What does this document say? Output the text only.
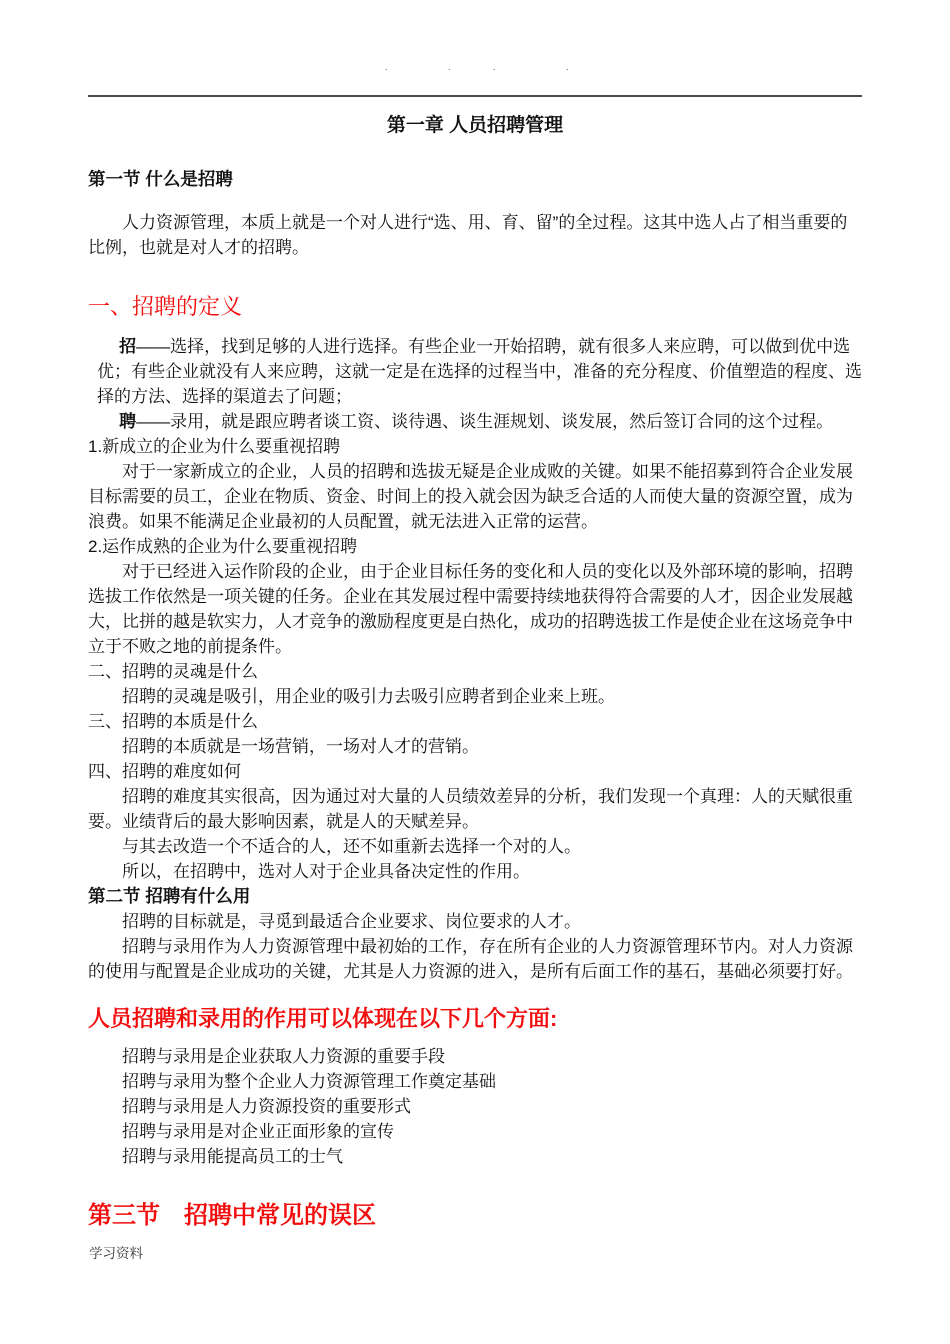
.	.	.	.
第一章 人员招聘管理
第一节 什么是招聘

人力资源管理，本质上就是一个对人进行“选、用、育、留”的全过程。这其中选人占了相当重要的比例，也就是对人才的招聘。

一、招聘的定义

招——选择，找到足够的人进行选择。有些企业一开始招聘，就有很多人来应聘，可以做到优中选优；有些企业就没有人来应聘，这就一定是在选择的过程当中，准备的充分程度、价值塑造的程度、选择的方法、选择的渠道去了问题；

聘——录用，就是跟应聘者谈工资、谈待遇、谈生涯规划、谈发展，然后签订合同的这个过程。

1.新成立的企业为什么要重视招聘

对于一家新成立的企业，人员的招聘和选拔无疑是企业成败的关键。如果不能招募到符合企业发展目标需要的员工，企业在物质、资金、时间上的投入就会因为缺乏合适的人而使大量的资源空置，成为浪费。如果不能满足企业最初的人员配置，就无法进入正常的运营。

2.运作成熟的企业为什么要重视招聘

对于已经进入运作阶段的企业，由于企业目标任务的变化和人员的变化以及外部环境的影响，招聘选拔工作依然是一项关键的任务。企业在其发展过程中需要持续地获得符合需要的人才，因企业发展越大，比拼的越是软实力，人才竞争的激励程度更是白热化，成功的招聘选拔工作是使企业在这场竞争中立于不败之地的前提条件。

二、招聘的灵魂是什么

招聘的灵魂是吸引，用企业的吸引力去吸引应聘者到企业来上班。

三、招聘的本质是什么

招聘的本质就是一场营销，一场对人才的营销。

四、招聘的难度如何

招聘的难度其实很高，因为通过对大量的人员绩效差异的分析，我们发现一个真理：人的天赋很重要。业绩背后的最大影响因素，就是人的天赋差异。

与其去改造一个不适合的人，还不如重新去选择一个对的人。

所以，在招聘中，选对人对于企业具备决定性的作用。

第二节 招聘有什么用

招聘的目标就是，寻觅到最适合企业要求、岗位要求的人才。

招聘与录用作为人力资源管理中最初始的工作，存在所有企业的人力资源管理环节内。对人力资源的使用与配置是企业成功的关键，尤其是人力资源的进入，是所有后面工作的基石，基础必须要打好。

人员招聘和录用的作用可以体现在以下几个方面:

招聘与录用是企业获取人力资源的重要手段

招聘与录用为整个企业人力资源管理工作奠定基础

招聘与录用是人力资源投资的重要形式

招聘与录用是对企业正面形象的宣传

招聘与录用能提高员工的士气

第三节　招聘中常见的误区
学习资料
